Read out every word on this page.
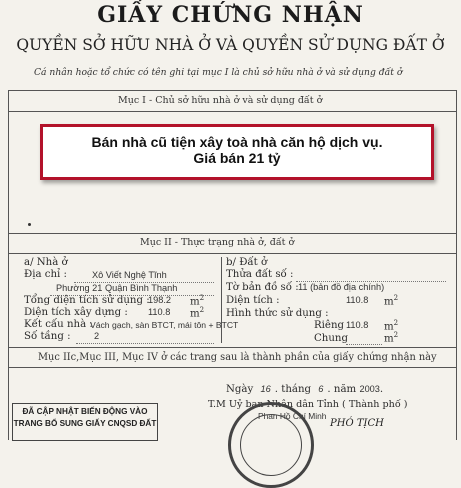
GIẤY CHỨNG NHẬN
QUYỀN SỞ HỮU NHÀ Ở VÀ QUYỀN SỬ DỤNG ĐẤT Ở
Cá nhân hoặc tổ chức có tên ghi tại mục I là chủ sở hữu nhà ở và sử dụng đất ở
Mục I - Chủ sở hữu nhà ở và sử dụng đất ở
Bán nhà cũ tiện xây toà nhà căn hộ dịch vụ.
Giá bán 21 tỷ
Mục II - Thực trạng nhà ở, đất ở
a/ Nhà ở
Địa chỉ :	Xô Viết Nghệ Tĩnh
Phường 21 Quận Bình Thạnh
Tổng diện tích sử dụng :
198.2 $m^2$
Diện tích xây dựng : 110.8 $m^2$
Kết cấu nhà :
Vách gạch, sàn BTCT, mái tôn + BTCT
Số tầng :	2
b/ Đất ở
Thửa đất số :
Tờ bản đồ số : 11 (bản đồ địa chính)
Diện tích :	110.8 $m^2$
Hình thức sử dụng :
Riêng 110.8 $m^2$
Chung	$m^2$
Mục IIc,Mục III, Mục IV ở các trang sau là thành phần của giấy chứng nhận này
Ngày 16 . tháng 6 . năm 2003.
T.M Uỷ ban Nhân dân Tỉnh ( Thành phố )
Phan Hồ Chí Minh
ĐÃ CẬP NHẬT BIẾN ĐỘNG VÀO
TRANG BỔ SUNG GIẤY CNQSD ĐẤT	PHÓ TỊCH
